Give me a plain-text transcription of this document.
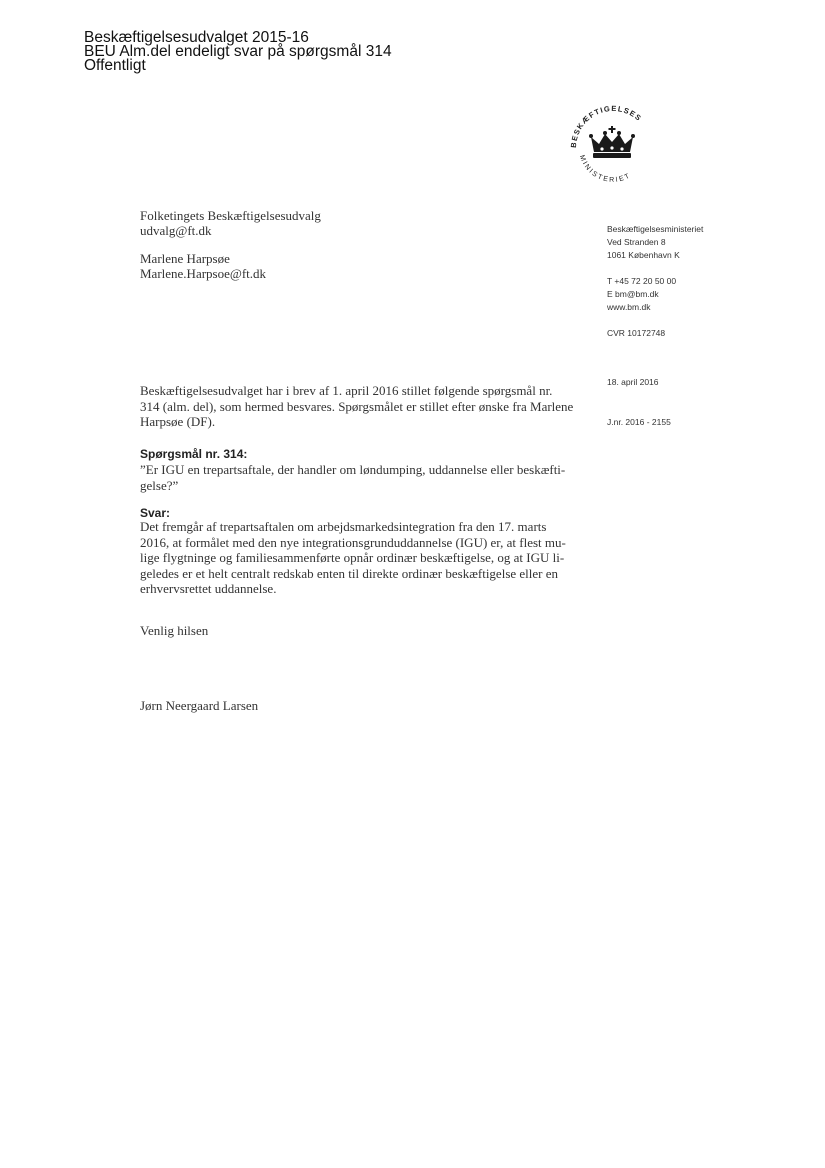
Beskæftigelsesudvalget 2015-16
BEU Alm.del endeligt svar på spørgsmål 314
Offentligt
BESKÆFTIGELSES
MINISTERIET
Folketingets Beskæftigelsesudvalg
udvalg@ft.dk
Marlene Harpsøe
Marlene.Harpsoe@ft.dk
Beskæftigelsesministeriet
Ved Stranden 8
1061 København K
T +45 72 20 50 00
E bm@bm.dk
www.bm.dk
CVR 10172748
18. april 2016
J.nr. 2016 - 2155
Beskæftigelsesudvalget har i brev af 1. april 2016 stillet følgende spørgsmål nr.
314 (alm. del), som hermed besvares. Spørgsmålet er stillet efter ønske fra Marlene
Harpsøe (DF).
Spørgsmål nr. 314:
”Er IGU en trepartsaftale, der handler om løndumping, uddannelse eller beskæfti-
gelse?”
Svar:
Det fremgår af trepartsaftalen om arbejdsmarkedsintegration fra den 17. marts
2016, at formålet med den nye integrationsgrunduddannelse (IGU) er, at flest mu-
lige flygtninge og familiesammenførte opnår ordinær beskæftigelse, og at IGU li-
geledes er et helt centralt redskab enten til direkte ordinær beskæftigelse eller en
erhvervsrettet uddannelse.
Venlig hilsen
Jørn Neergaard Larsen
